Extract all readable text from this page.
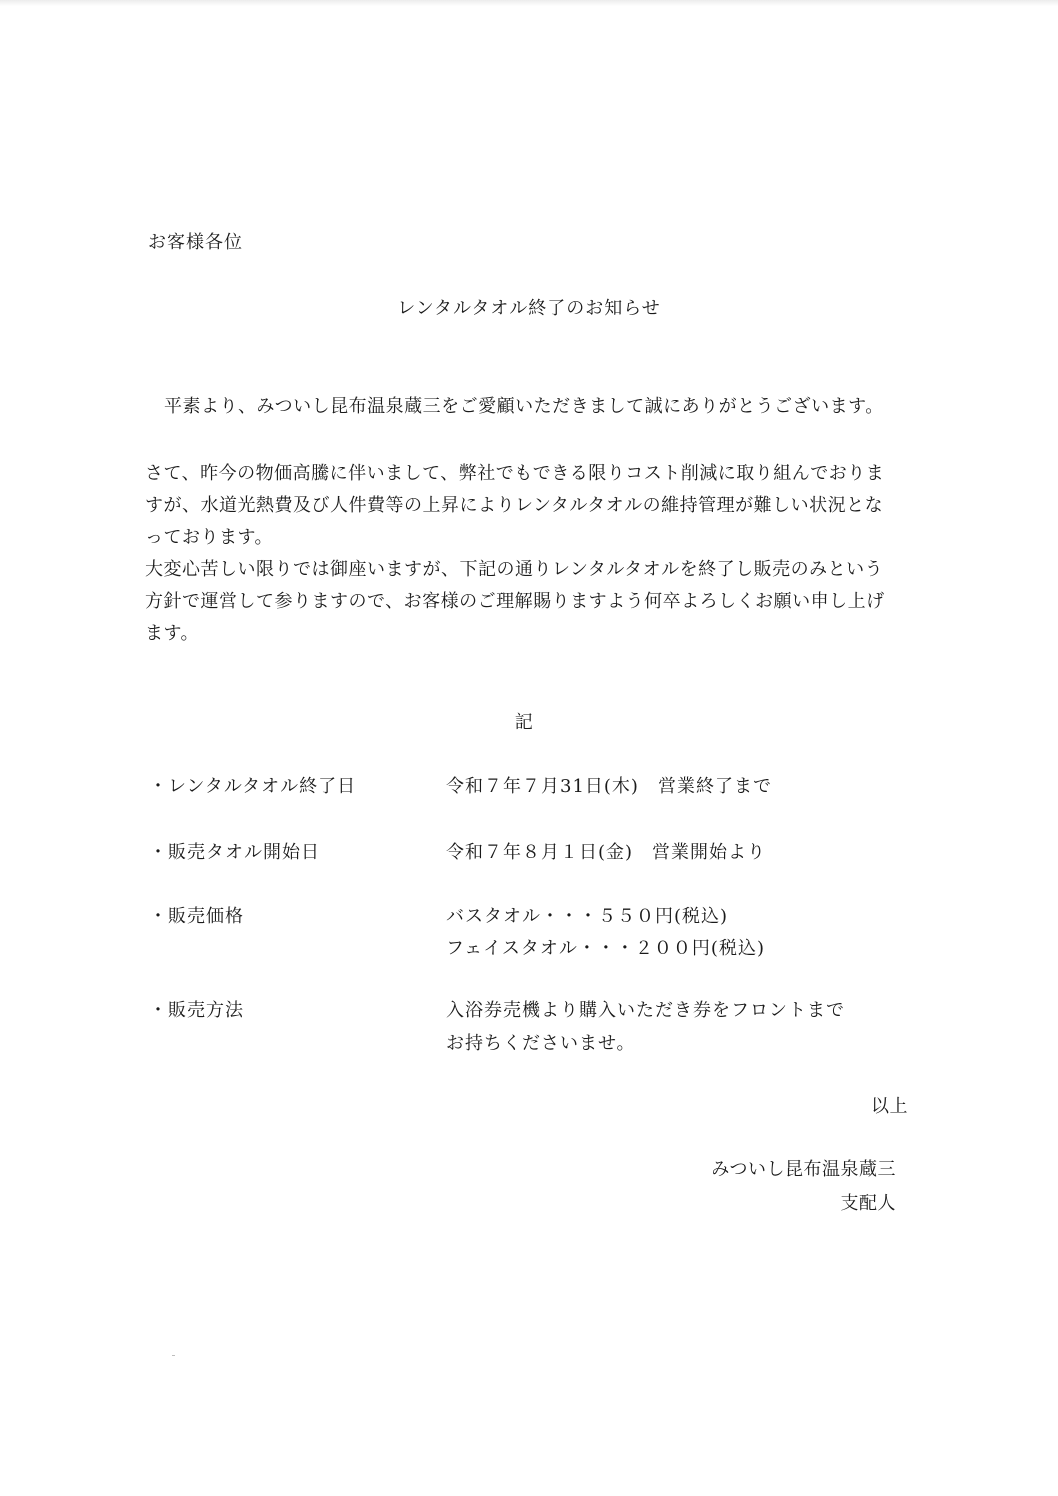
お客様各位
レンタルタオル終了のお知らせ
平素より、みついし昆布温泉蔵三をご愛顧いただきまして誠にありがとうございます。
さて、昨今の物価高騰に伴いまして、弊社でもできる限りコスト削減に取り組んでおりま
すが、水道光熱費及び人件費等の上昇によりレンタルタオルの維持管理が難しい状況とな
っております。
大変心苦しい限りでは御座いますが、下記の通りレンタルタオルを終了し販売のみという
方針で運営して参りますので、お客様のご理解賜りますよう何卒よろしくお願い申し上げ
ます。
記
・レンタルタオル終了日	令和７年７月31日(木)　営業終了まで
・販売タオル開始日	令和７年８月１日(金)　営業開始より
・販売価格	バスタオル・・・５５０円(税込)
フェイスタオル・・・２００円(税込)
・販売方法	入浴券売機より購入いただき券をフロントまで
お持ちくださいませ。
以上
みついし昆布温泉蔵三
支配人
